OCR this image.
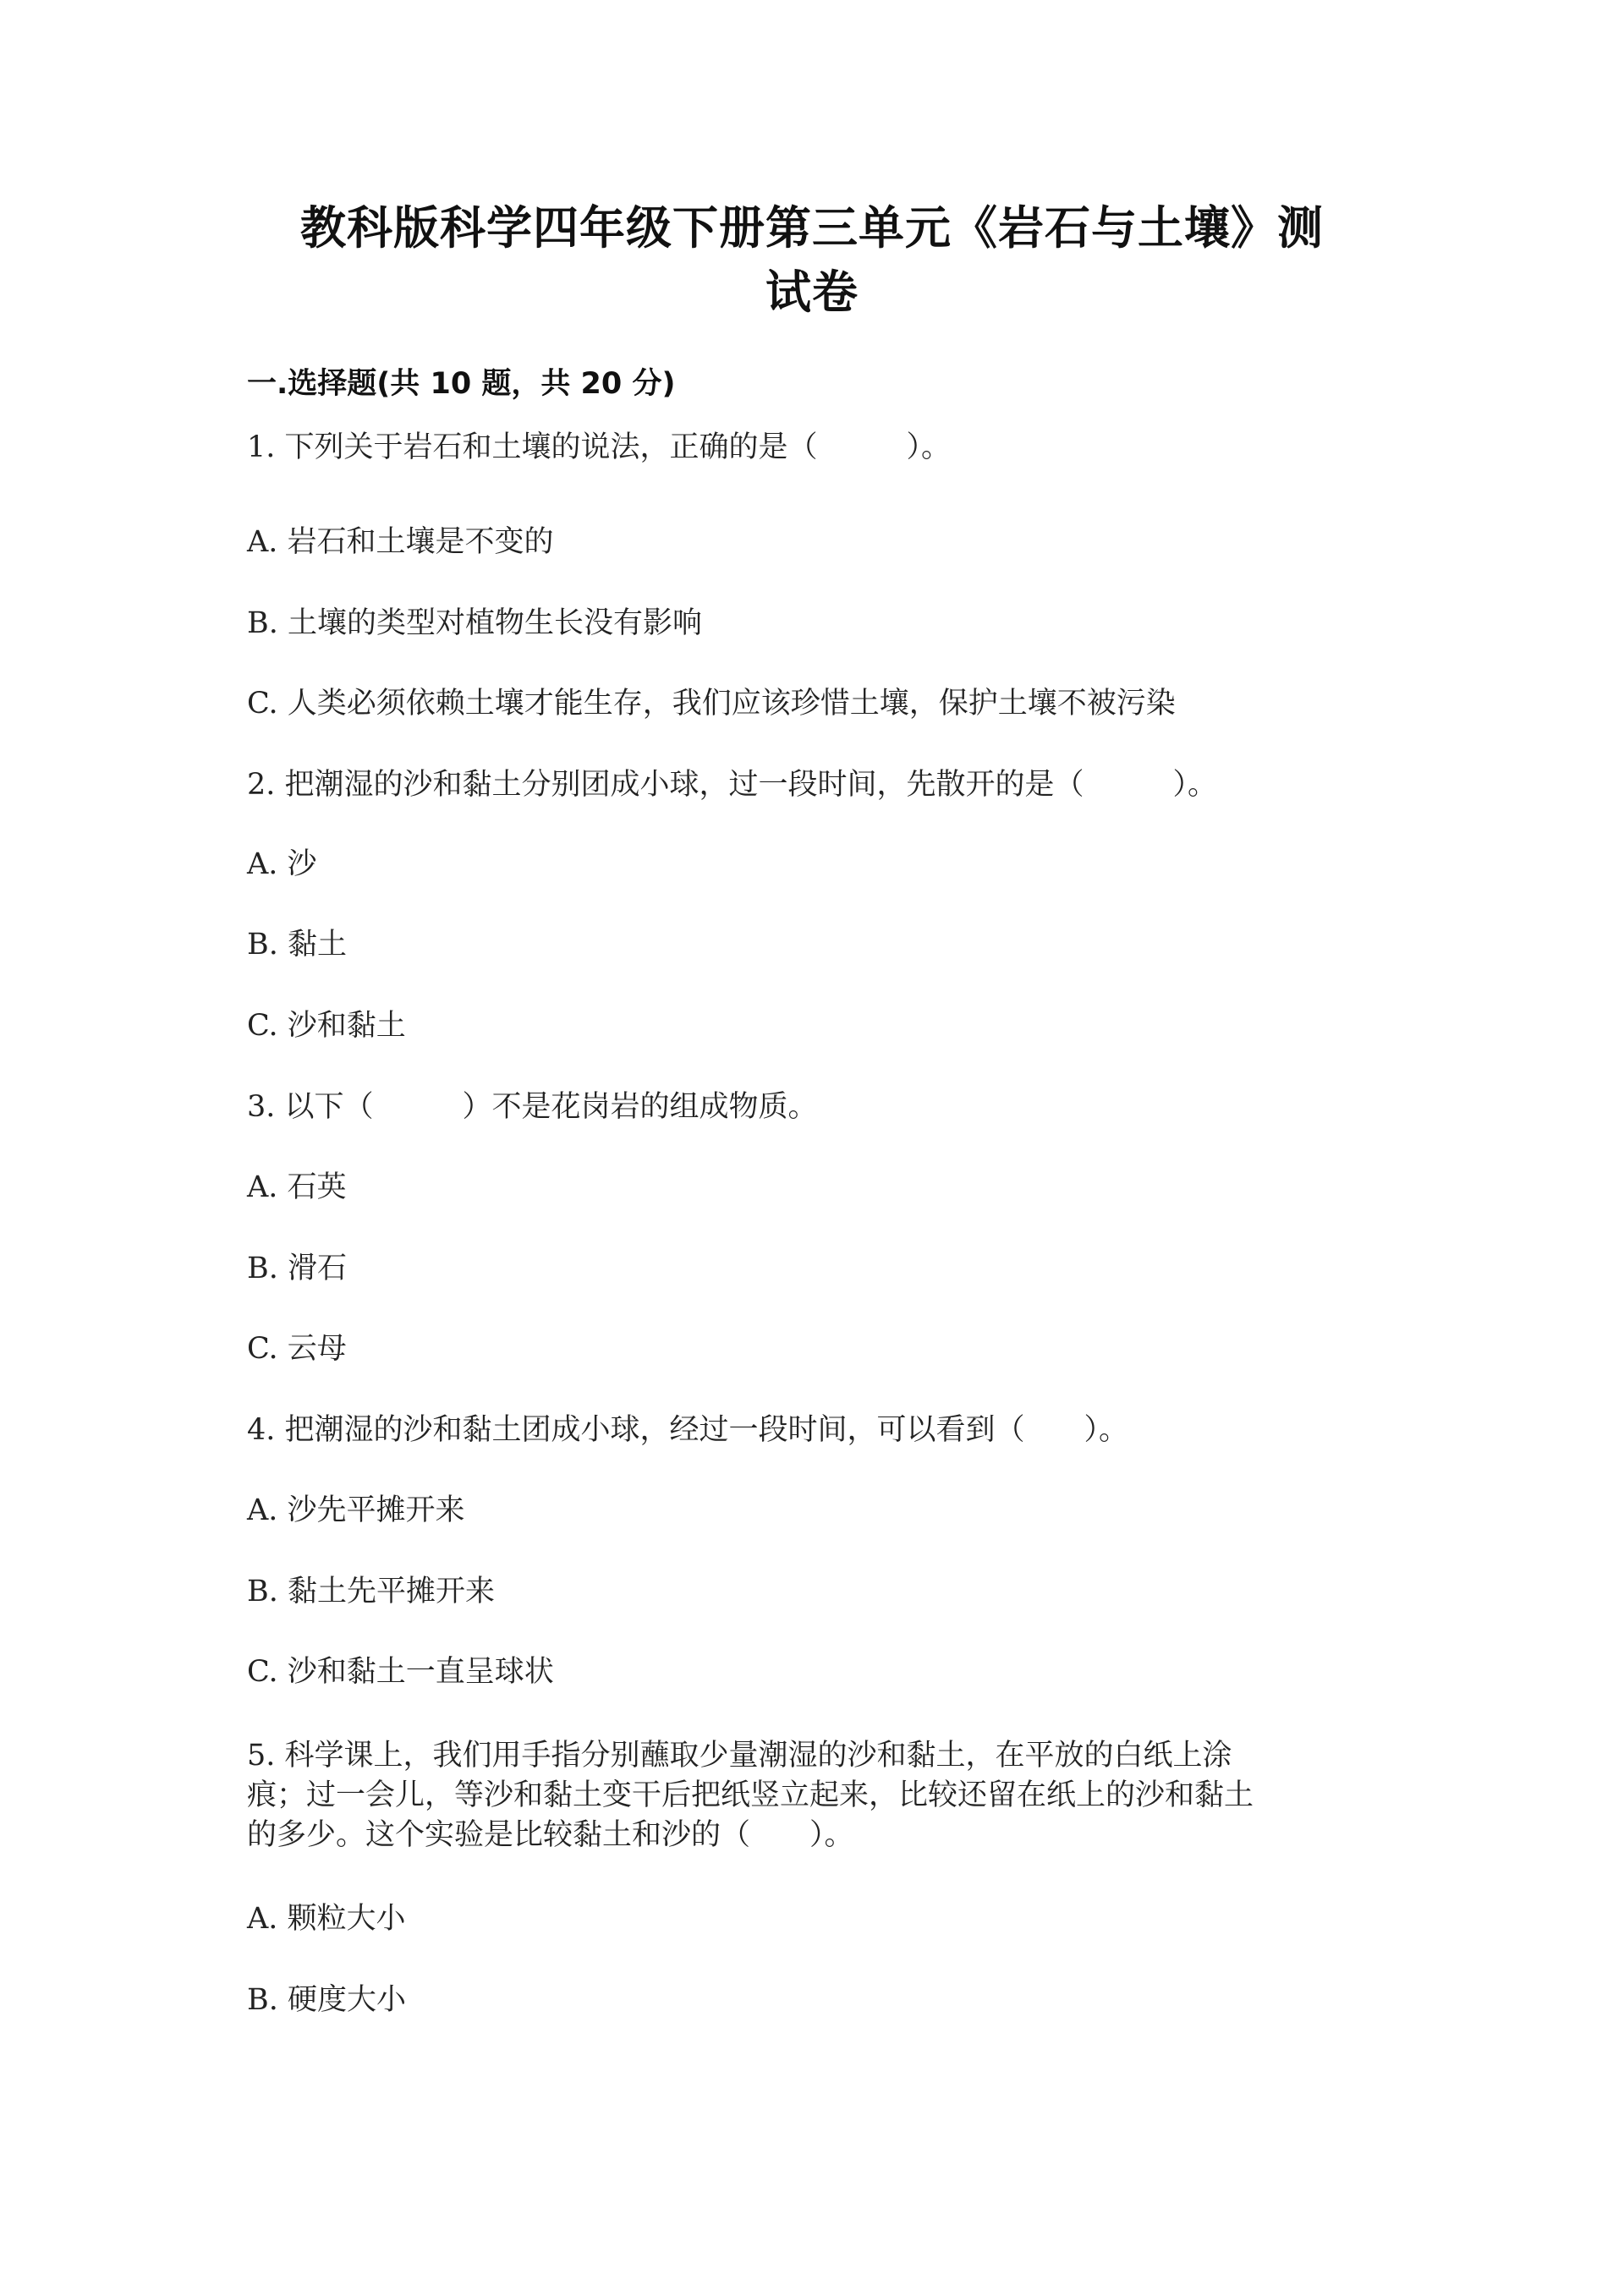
教科版科学四年级下册第三单元《岩石与土壤》测
试卷
一.选择题(共 10 题，共 20 分)
1. 下列关于岩石和土壤的说法，正确的是（　　　）。
A. 岩石和土壤是不变的
B. 土壤的类型对植物生长没有影响
C. 人类必须依赖土壤才能生存，我们应该珍惜土壤，保护土壤不被污染
2. 把潮湿的沙和黏土分别团成小球，过一段时间，先散开的是（　　　）。
A. 沙
B. 黏土
C. 沙和黏土
3. 以下（　　　）不是花岗岩的组成物质。
A. 石英
B. 滑石
C. 云母
4. 把潮湿的沙和黏土团成小球，经过一段时间，可以看到（　　）。
A. 沙先平摊开来
B. 黏土先平摊开来
C. 沙和黏土一直呈球状
5. 科学课上，我们用手指分别蘸取少量潮湿的沙和黏土，在平放的白纸上涂
痕；过一会儿，等沙和黏土变干后把纸竖立起来，比较还留在纸上的沙和黏土
的多少。这个实验是比较黏土和沙的（　　）。
A. 颗粒大小
B. 硬度大小
